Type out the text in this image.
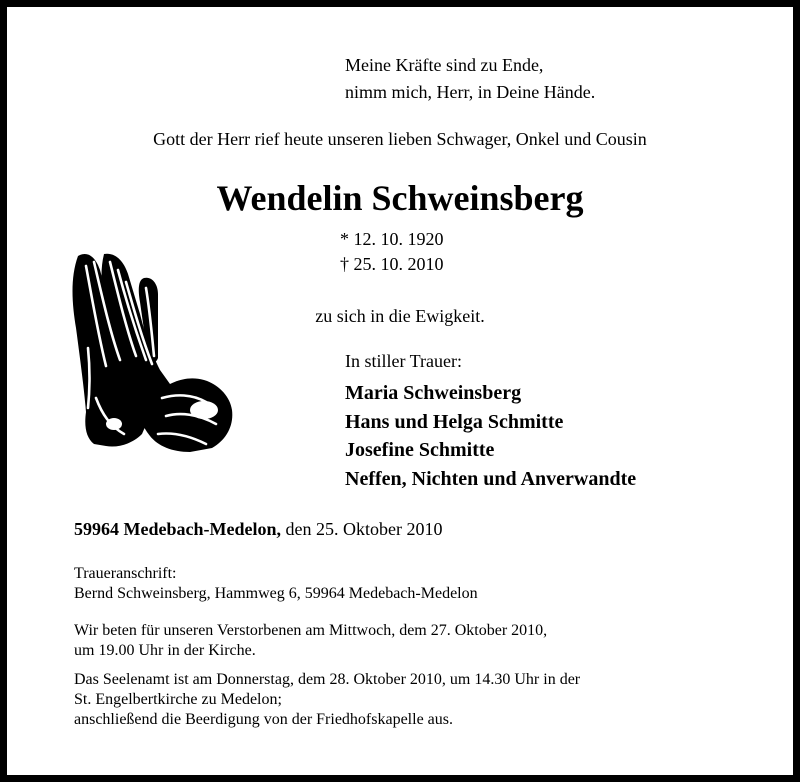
Meine Kräfte sind zu Ende,
nimm mich, Herr, in Deine Hände.
Gott der Herr rief heute unseren lieben Schwager, Onkel und Cousin
Wendelin Schweinsberg
* 12. 10. 1920
† 25. 10. 2010
zu sich in die Ewigkeit.
In stiller Trauer:
Maria Schweinsberg
Hans und Helga Schmitte
Josefine Schmitte
Neffen, Nichten und Anverwandte
59964 Medebach-Medelon, den 25. Oktober 2010
Traueranschrift:
Bernd Schweinsberg, Hammweg 6, 59964 Medebach-Medelon
Wir beten für unseren Verstorbenen am Mittwoch, dem 27. Oktober 2010,
um 19.00 Uhr in der Kirche.
Das Seelenamt ist am Donnerstag, dem 28. Oktober 2010, um 14.30 Uhr in der
St. Engelbertkirche zu Medelon;
anschließend die Beerdigung von der Friedhofskapelle aus.
